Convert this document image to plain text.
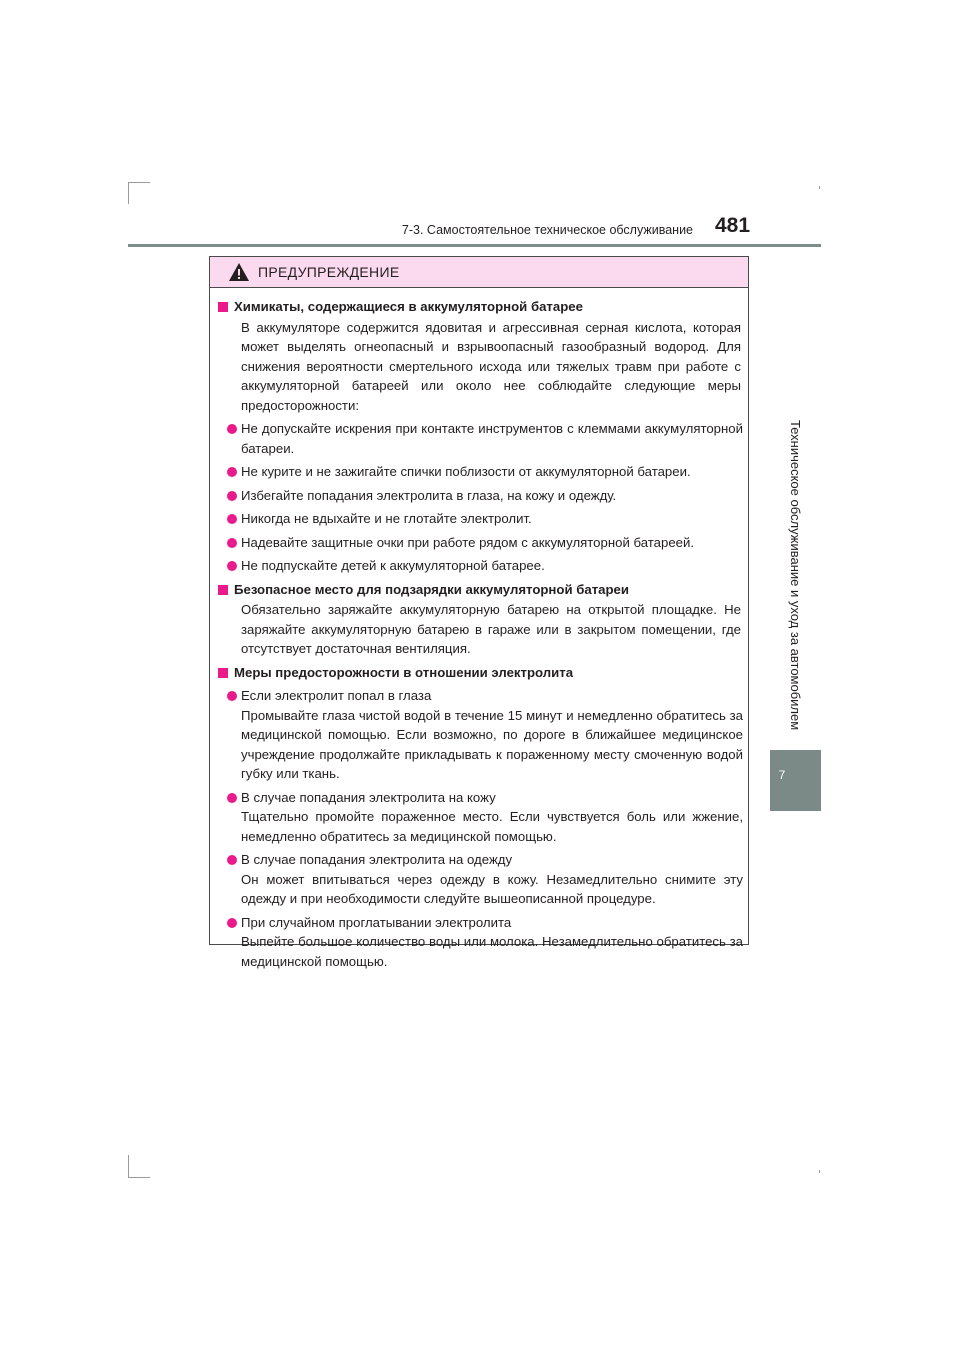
7-3. Самостоятельное техническое обслуживание 481
Техническое обслуживание и уход за автомобилем
7
ПРЕДУПРЕЖДЕНИЕ
Химикаты, содержащиеся в аккумуляторной батарее
В аккумуляторе содержится ядовитая и агрессивная серная кислота, которая может выделять огнеопасный и взрывоопасный газообразный водород. Для снижения вероятности смертельного исхода или тяжелых травм при работе с аккумуляторной батареей или около нее соблюдайте следующие меры предосторожности:
Не допускайте искрения при контакте инструментов с клеммами аккумуляторной батареи.
Не курите и не зажигайте спички поблизости от аккумуляторной батареи.
Избегайте попадания электролита в глаза, на кожу и одежду.
Никогда не вдыхайте и не глотайте электролит.
Надевайте защитные очки при работе рядом с аккумуляторной батареей.
Не подпускайте детей к аккумуляторной батарее.
Безопасное место для подзарядки аккумуляторной батареи
Обязательно заряжайте аккумуляторную батарею на открытой площадке. Не заряжайте аккумуляторную батарею в гараже или в закрытом помещении, где отсутствует достаточная вентиляция.
Меры предосторожности в отношении электролита
Если электролит попал в глаза
Промывайте глаза чистой водой в течение 15 минут и немедленно обратитесь за медицинской помощью. Если возможно, по дороге в ближайшее медицинское учреждение продолжайте прикладывать к пораженному месту смоченную водой губку или ткань.
В случае попадания электролита на кожу
Тщательно промойте пораженное место. Если чувствуется боль или жжение, немедленно обратитесь за медицинской помощью.
В случае попадания электролита на одежду
Он может впитываться через одежду в кожу. Незамедлительно снимите эту одежду и при необходимости следуйте вышеописанной процедуре.
При случайном проглатывании электролита
Выпейте большое количество воды или молока. Незамедлительно обратитесь за медицинской помощью.
